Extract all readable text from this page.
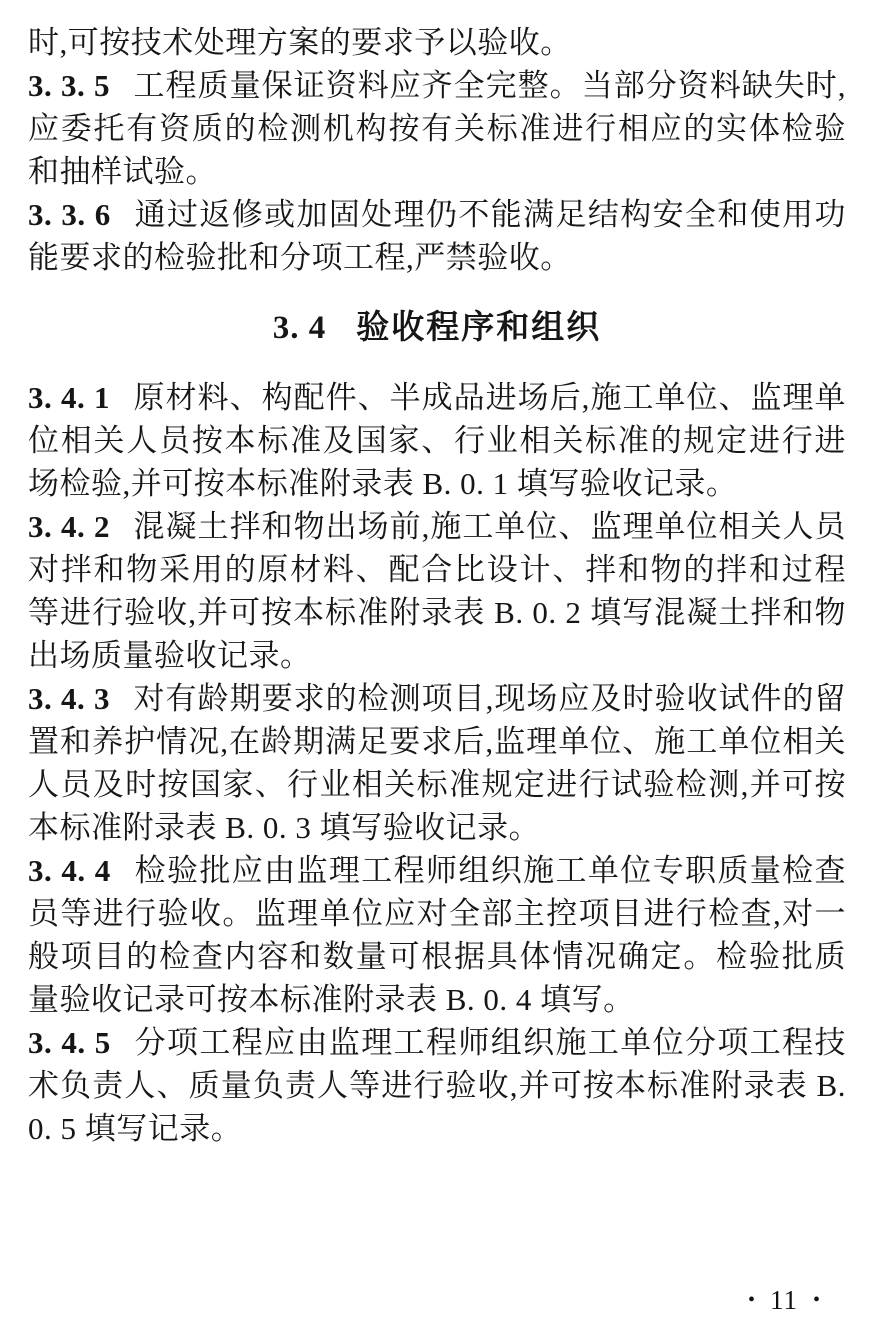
时,可按技术处理方案的要求予以验收。

3. 3. 5 工程质量保证资料应齐全完整。当部分资料缺失时,应委托有资质的检测机构按有关标准进行相应的实体检验和抽样试验。

3. 3. 6 通过返修或加固处理仍不能满足结构安全和使用功能要求的检验批和分项工程,严禁验收。

3. 4 验收程序和组织

3. 4. 1 原材料、构配件、半成品进场后,施工单位、监理单位相关人员按本标准及国家、行业相关标准的规定进行进场检验,并可按本标准附录表 B. 0. 1 填写验收记录。

3. 4. 2 混凝土拌和物出场前,施工单位、监理单位相关人员对拌和物采用的原材料、配合比设计、拌和物的拌和过程等进行验收,并可按本标准附录表 B. 0. 2 填写混凝土拌和物出场质量验收记录。

3. 4. 3 对有龄期要求的检测项目,现场应及时验收试件的留置和养护情况,在龄期满足要求后,监理单位、施工单位相关人员及时按国家、行业相关标准规定进行试验检测,并可按本标准附录表 B. 0. 3 填写验收记录。

3. 4. 4 检验批应由监理工程师组织施工单位专职质量检查员等进行验收。监理单位应对全部主控项目进行检查,对一般项目的检查内容和数量可根据具体情况确定。检验批质量验收记录可按本标准附录表 B. 0. 4 填写。

3. 4. 5 分项工程应由监理工程师组织施工单位分项工程技术负责人、质量负责人等进行验收,并可按本标准附录表 B. 0. 5 填写记录。

• 11 •
